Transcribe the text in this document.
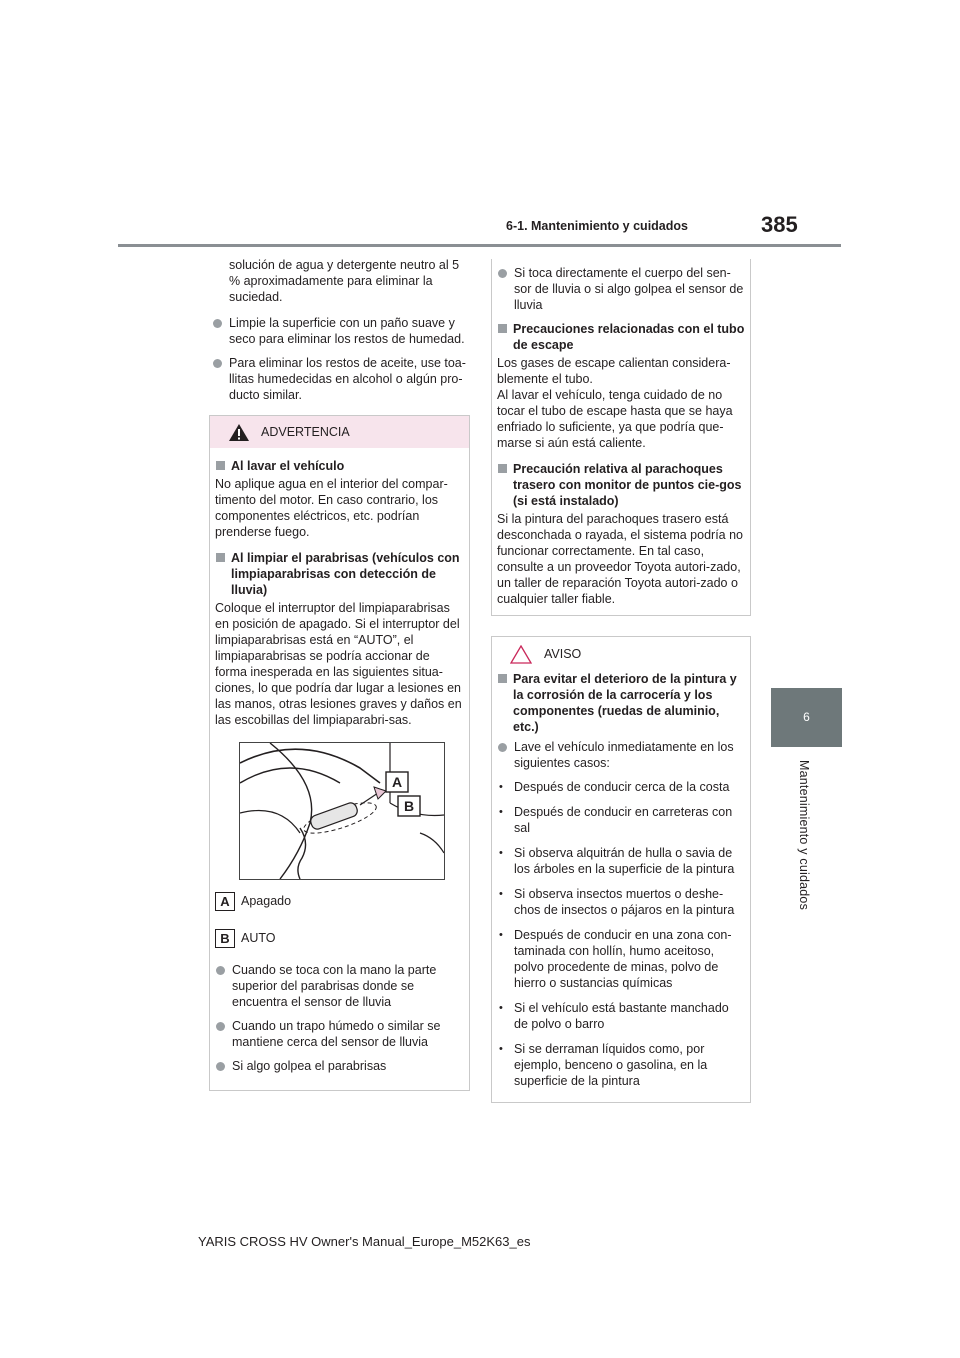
6-1. Mantenimiento y cuidados	385
6
Mantenimiento y cuidados

solución de agua y detergente neutro al 5 % aproximadamente para eliminar la suciedad.

Limpie la superficie con un paño suave y seco para eliminar los restos de humedad.

Para eliminar los restos de aceite, use toa-llitas humedecidas en alcohol o algún pro-ducto similar.

ADVERTENCIA

Al lavar el vehículo

No aplique agua en el interior del compar-timento del motor. En caso contrario, los componentes eléctricos, etc. podrían prenderse fuego.

Al limpiar el parabrisas (vehículos con limpiaparabrisas con detección de lluvia)

Coloque el interruptor del limpiaparabrisas en posición de apagado. Si el interruptor del limpiaparabrisas está en “AUTO”, el limpiaparabrisas se podría accionar de forma inesperada en las siguientes situa-ciones, lo que podría dar lugar a lesiones en las manos, otras lesiones graves y daños en las escobillas del limpiaparabri-sas.

A
B
A Apagado
B AUTO

Cuando se toca con la mano la parte superior del parabrisas donde se encuentra el sensor de lluvia

Cuando un trapo húmedo o similar se mantiene cerca del sensor de lluvia

Si algo golpea el parabrisas

Si toca directamente el cuerpo del sen-sor de lluvia o si algo golpea el sensor de lluvia

Precauciones relacionadas con el tubo de escape

Los gases de escape calientan considera-blemente el tubo.
Al lavar el vehículo, tenga cuidado de no tocar el tubo de escape hasta que se haya enfriado lo suficiente, ya que podría que-marse si aún está caliente.

Precaución relativa al parachoques trasero con monitor de puntos cie-gos (si está instalado)

Si la pintura del parachoques trasero está desconchada o rayada, el sistema podría no funcionar correctamente. En tal caso, consulte a un proveedor Toyota autori-zado, un taller de reparación Toyota autori-zado o cualquier taller fiable.

AVISO

Para evitar el deterioro de la pintura y la corrosión de la carrocería y los componentes (ruedas de aluminio, etc.)

Lave el vehículo inmediatamente en los siguientes casos:

• Después de conducir cerca de la costa

• Después de conducir en carreteras con sal

• Si observa alquitrán de hulla o savia de los árboles en la superficie de la pintura

• Si observa insectos muertos o deshe-chos de insectos o pájaros en la pintura

• Después de conducir en una zona con-taminada con hollín, humo aceitoso, polvo procedente de minas, polvo de hierro o sustancias químicas

• Si el vehículo está bastante manchado de polvo o barro

• Si se derraman líquidos como, por ejemplo, benceno o gasolina, en la superficie de la pintura

YARIS CROSS HV Owner's Manual_Europe_M52K63_es
